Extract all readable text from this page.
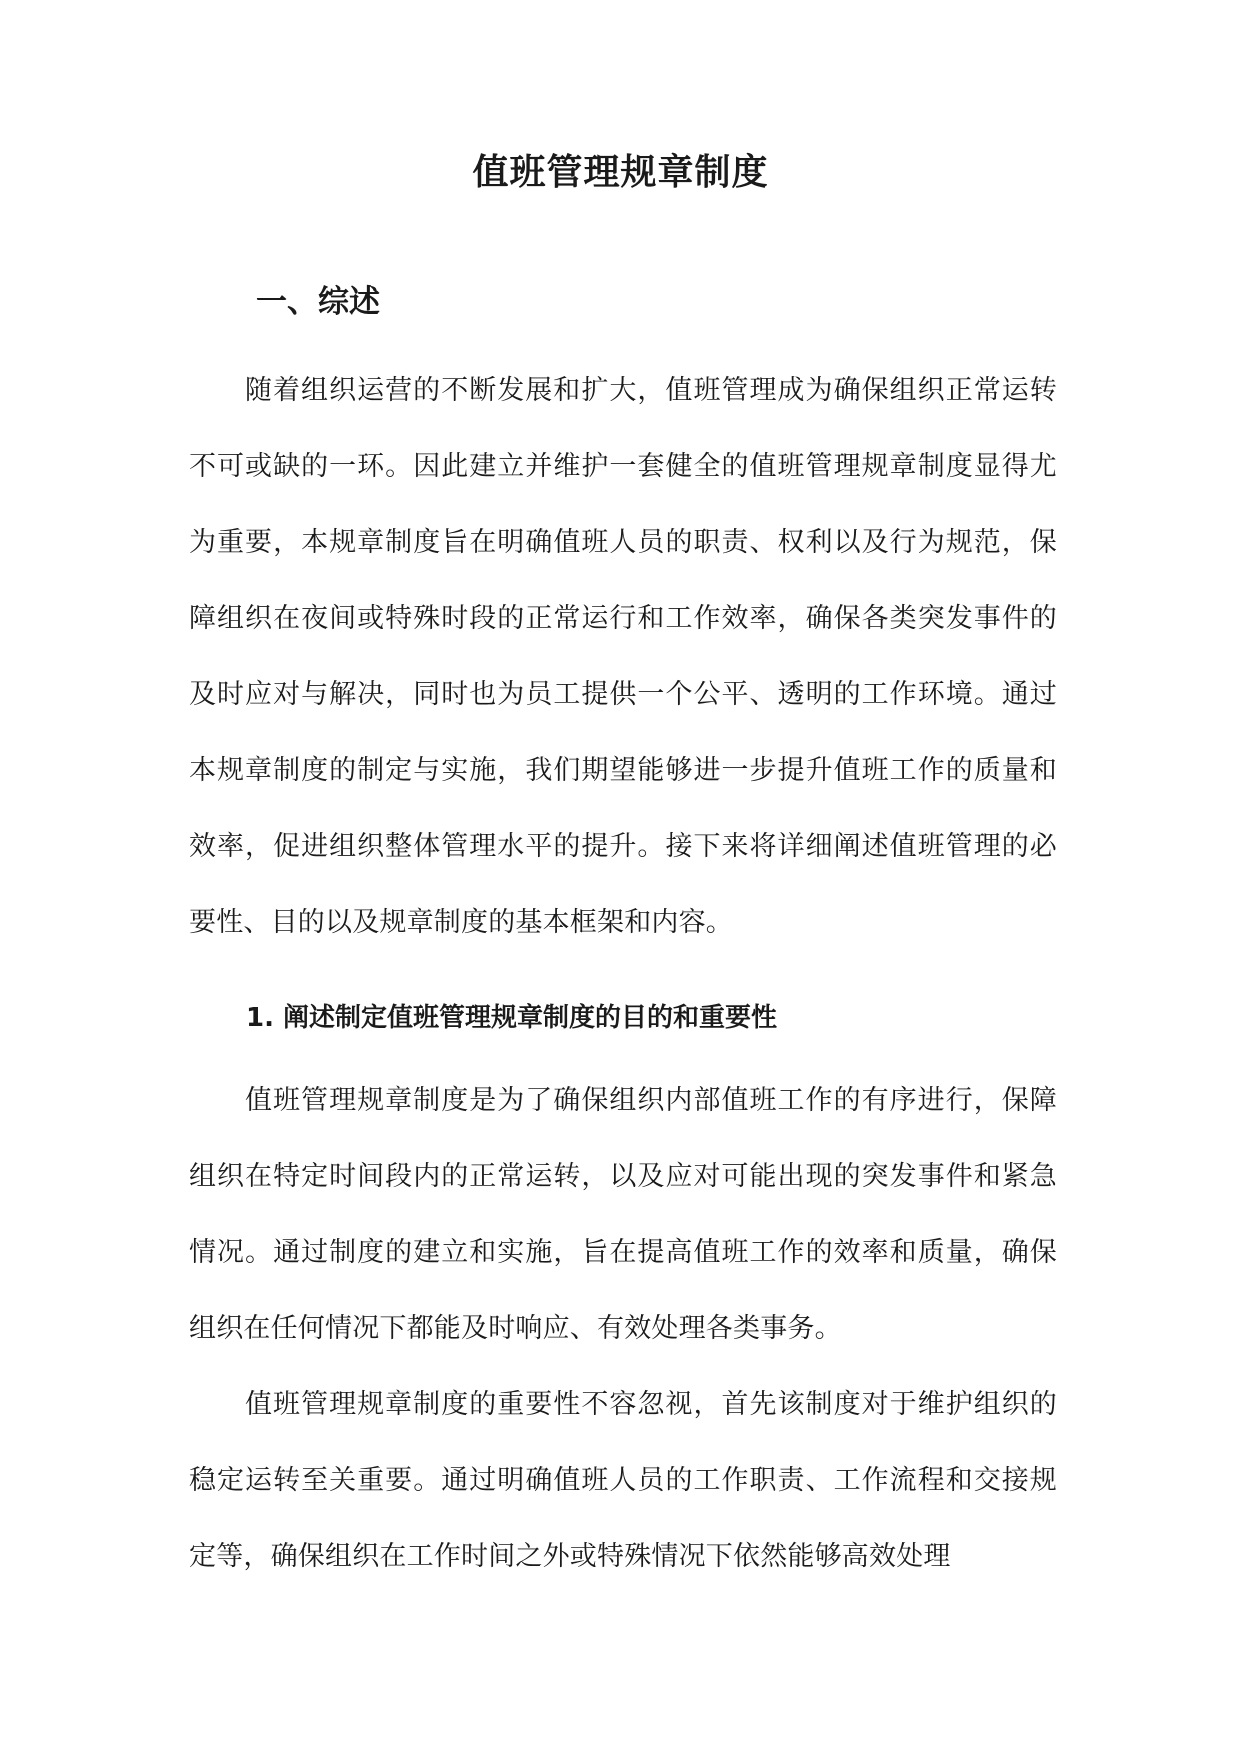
值班管理规章制度
一、综述

随着组织运营的不断发展和扩大，值班管理成为确保组织正常运转不可或缺的一环。因此建立并维护一套健全的值班管理规章制度显得尤为重要，本规章制度旨在明确值班人员的职责、权利以及行为规范，保障组织在夜间或特殊时段的正常运行和工作效率，确保各类突发事件的及时应对与解决，同时也为员工提供一个公平、透明的工作环境。通过本规章制度的制定与实施，我们期望能够进一步提升值班工作的质量和效率，促进组织整体管理水平的提升。接下来将详细阐述值班管理的必要性、目的以及规章制度的基本框架和内容。

1. 阐述制定值班管理规章制度的目的和重要性

值班管理规章制度是为了确保组织内部值班工作的有序进行，保障组织在特定时间段内的正常运转，以及应对可能出现的突发事件和紧急情况。通过制度的建立和实施，旨在提高值班工作的效率和质量，确保组织在任何情况下都能及时响应、有效处理各类事务。

值班管理规章制度的重要性不容忽视，首先该制度对于维护组织的稳定运转至关重要。通过明确值班人员的工作职责、工作流程和交接规定等，确保组织在工作时间之外或特殊情况下依然能够高效处理
